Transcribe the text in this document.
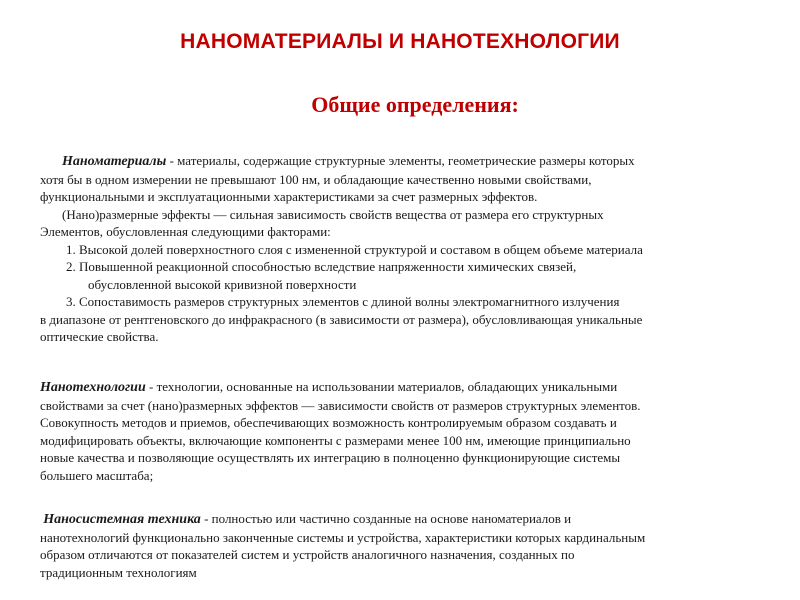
НАНОМАТЕРИАЛЫ И НАНОТЕХНОЛОГИИ
Общие определения:
Наноматериалы - материалы, содержащие структурные элементы, геометрические размеры которых
хотя бы в одном измерении не превышают 100 нм, и обладающие качественно новыми свойствами,
функциональными и эксплуатационными характеристиками за счет размерных эффектов.
(Нано)размерные эффекты — сильная зависимость свойств вещества от размера его структурных
Элементов, обусловленная следующими факторами:
1. Высокой долей поверхностного слоя с измененной структурой и составом в общем объеме материала
2. Повышенной реакционной способностью вследствие напряженности химических связей,
обусловленной высокой кривизной поверхности
3. Сопоставимость размеров структурных элементов с длиной волны электромагнитного излучения
в диапазоне от рентгеновского до инфракрасного (в зависимости от размера), обусловливающая уникальные
оптические свойства.
Нанотехнологии - технологии, основанные на использовании материалов, обладающих уникальными
свойствами за счет (нано)размерных эффектов — зависимости свойств от размеров структурных элементов.
Совокупность методов и приемов, обеспечивающих возможность контролируемым образом создавать и
модифицировать объекты, включающие компоненты с размерами менее 100 нм, имеющие принципиально
новые качества и позволяющие осуществлять их интеграцию в полноценно функционирующие системы
большего масштаба;
Наносистемная техника - полностью или частично созданные на основе наноматериалов и
нанотехнологий функционально законченные системы и устройства, характеристики которых кардинальным
образом отличаются от показателей систем и устройств аналогичного назначения, созданных по
традиционным технологиям
